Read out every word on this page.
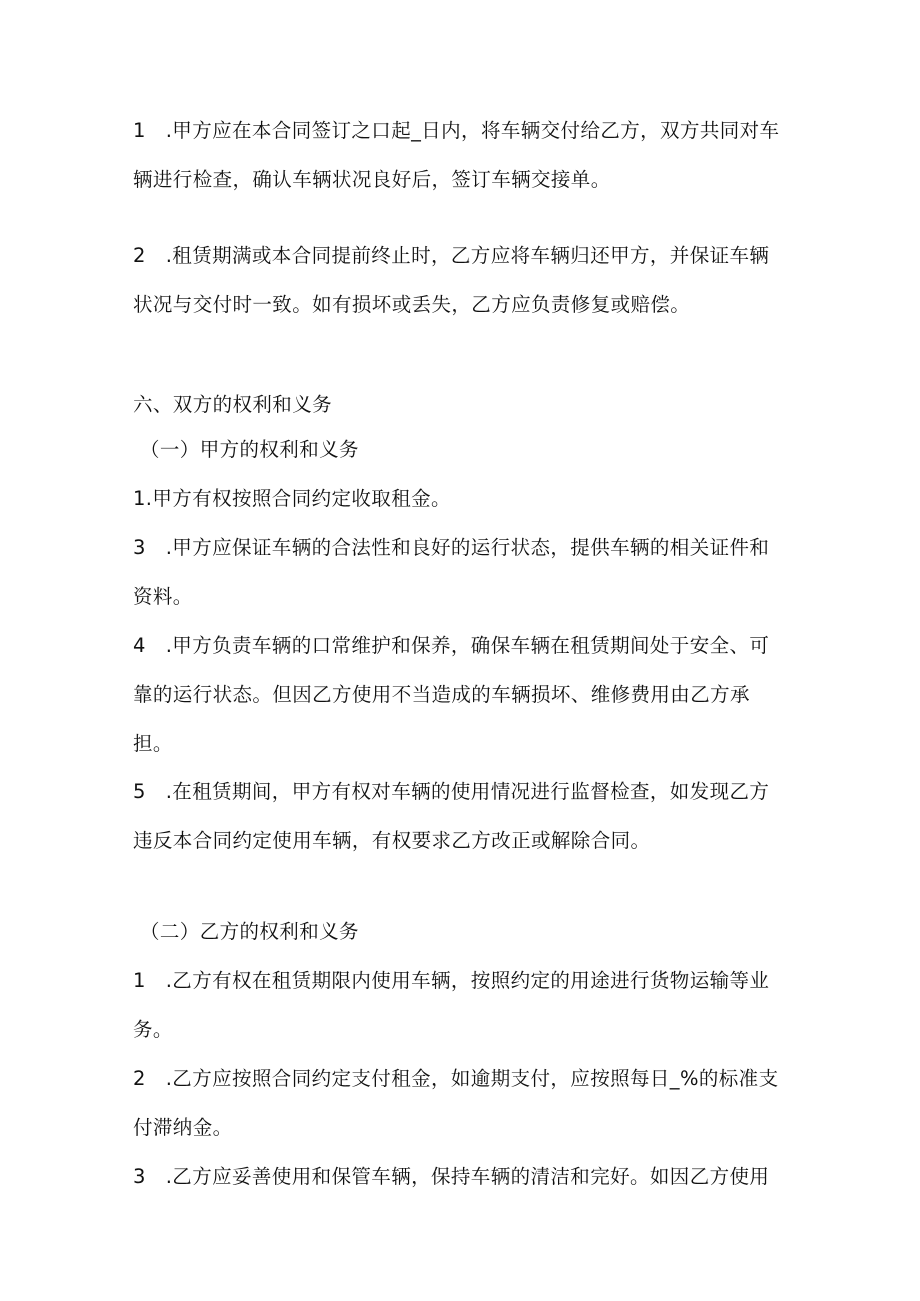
1 .甲方应在本合同签订之口起_日内，将车辆交付给乙方，双方共同对车辆进行检查，确认车辆状况良好后，签订车辆交接单。

2 .租赁期满或本合同提前终止时，乙方应将车辆归还甲方，并保证车辆状况与交付时一致。如有损坏或丢失，乙方应负责修复或赔偿。

六、双方的权利和义务

（一）甲方的权利和义务

1.甲方有权按照合同约定收取租金。

3 .甲方应保证车辆的合法性和良好的运行状态，提供车辆的相关证件和资料。

4 .甲方负责车辆的口常维护和保养，确保车辆在租赁期间处于安全、可靠的运行状态。但因乙方使用不当造成的车辆损坏、维修费用由乙方承担。

5 .在租赁期间，甲方有权对车辆的使用情况进行监督检查，如发现乙方违反本合同约定使用车辆，有权要求乙方改正或解除合同。

（二）乙方的权利和义务

1 .乙方有权在租赁期限内使用车辆，按照约定的用途进行货物运输等业务。

2 .乙方应按照合同约定支付租金，如逾期支付，应按照每日_%的标准支付滞纳金。

3 .乙方应妥善使用和保管车辆，保持车辆的清洁和完好。如因乙方使用
